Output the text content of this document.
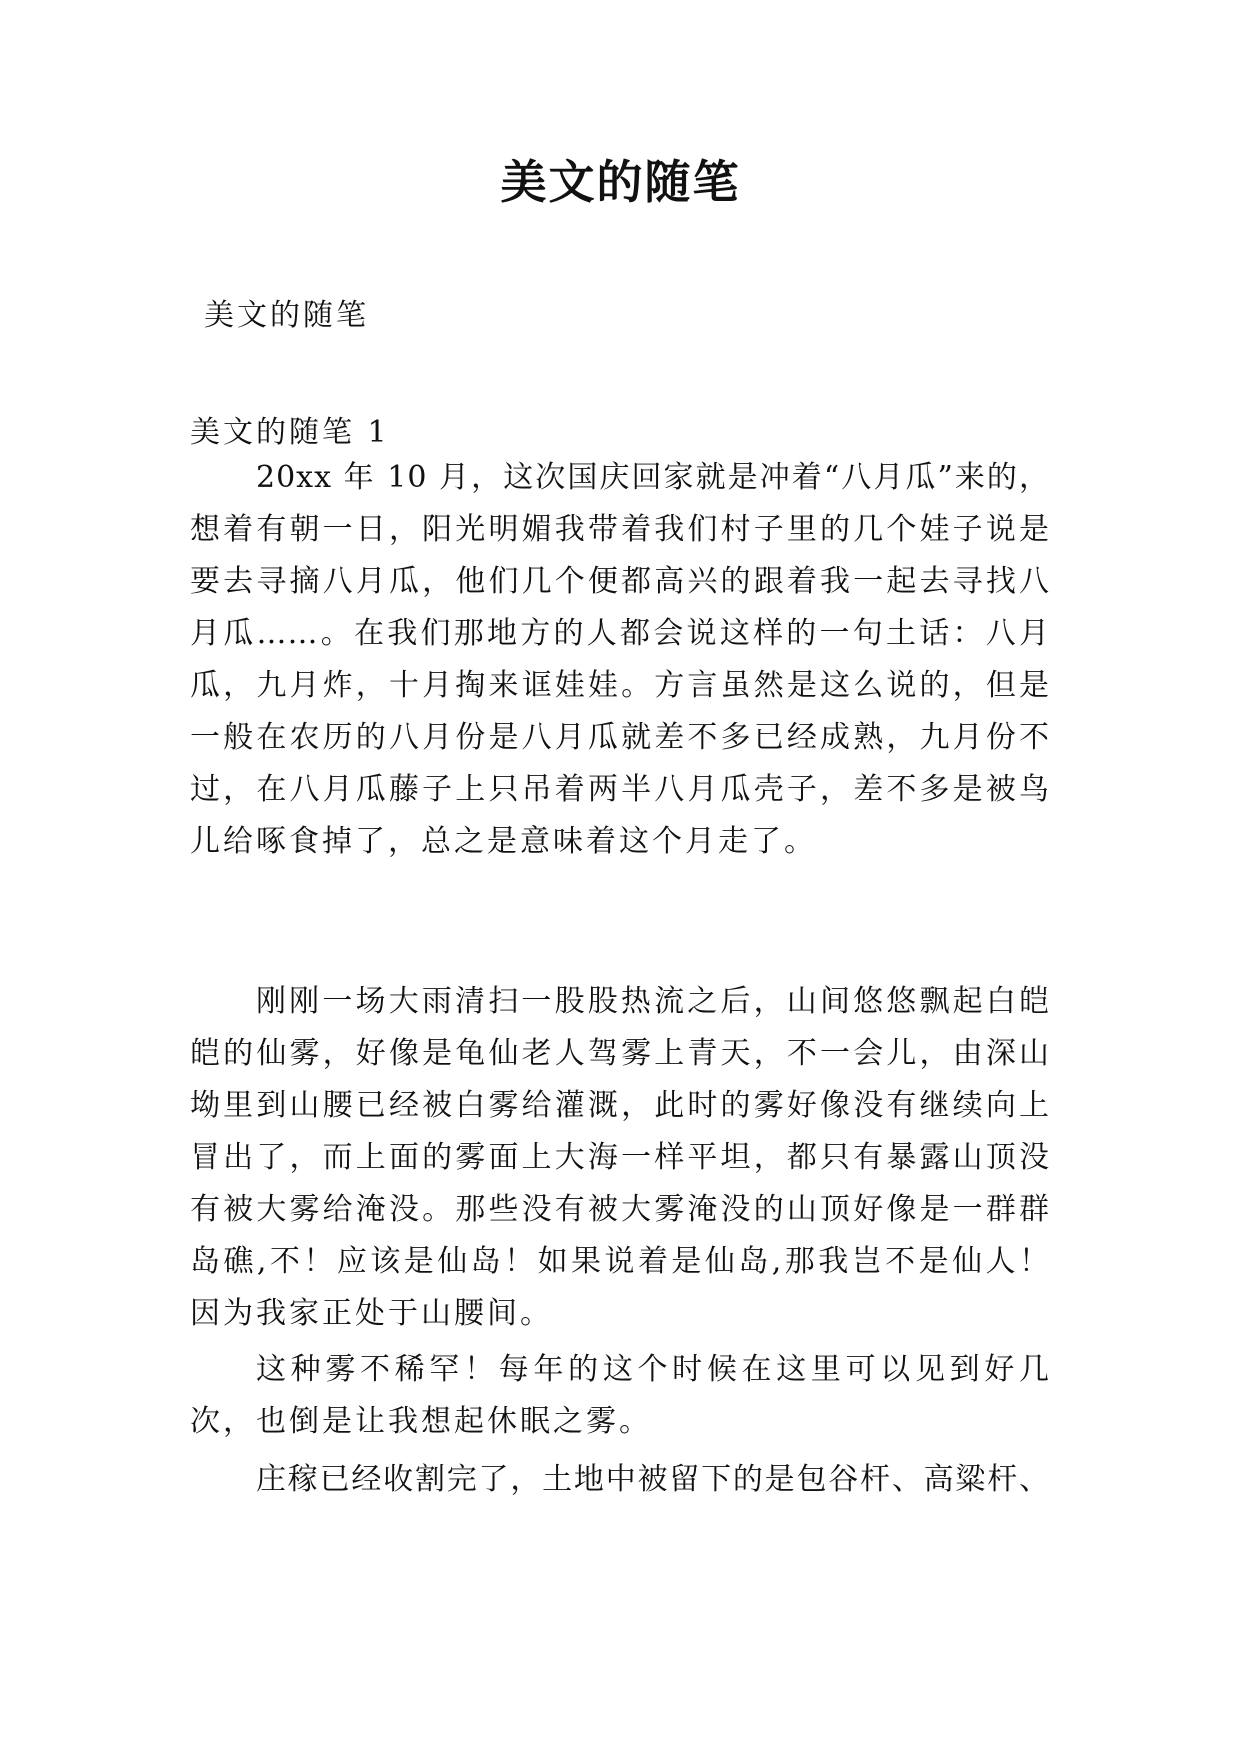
美文的随笔
美文的随笔
美文的随笔 1
20xx 年 10 月，这次国庆回家就是冲着“八月瓜”来的，
想着有朝一日，阳光明媚我带着我们村子里的几个娃子说是
要去寻摘八月瓜，他们几个便都高兴的跟着我一起去寻找八
月瓜……。在我们那地方的人都会说这样的一句土话：八月
瓜，九月炸，十月掏来诓娃娃。方言虽然是这么说的，但是
一般在农历的八月份是八月瓜就差不多已经成熟，九月份不
过，在八月瓜藤子上只吊着两半八月瓜壳子，差不多是被鸟
儿给啄食掉了，总之是意味着这个月走了。
刚刚一场大雨清扫一股股热流之后，山间悠悠飘起白皑
皑的仙雾，好像是龟仙老人驾雾上青天，不一会儿，由深山
坳里到山腰已经被白雾给灌溉，此时的雾好像没有继续向上
冒出了，而上面的雾面上大海一样平坦，都只有暴露山顶没
有被大雾给淹没。那些没有被大雾淹没的山顶好像是一群群
岛礁,不！应该是仙岛！如果说着是仙岛,那我岂不是仙人！
因为我家正处于山腰间。
这种雾不稀罕！每年的这个时候在这里可以见到好几
次，也倒是让我想起休眠之雾。
庄稼已经收割完了，土地中被留下的是包谷杆、高粱杆、
